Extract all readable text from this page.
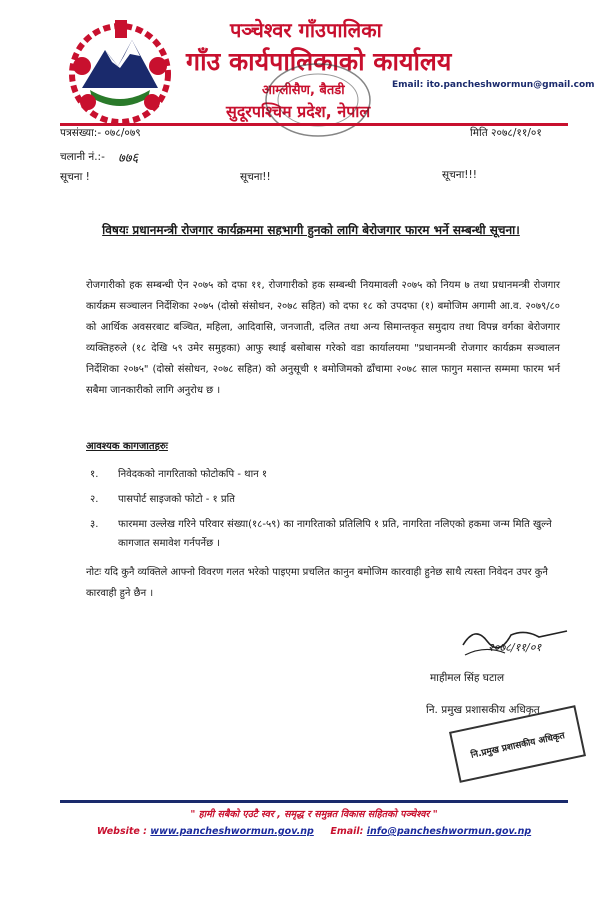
पञ्चेश्वर गाँउपालिका
गाँउ कार्यपालिकाको कार्यालय
आम्लीसैण, बैतडी
सुदूरपश्चिम प्रदेश, नेपाल
Email: ito.pancheshwormun@gmail.com
पत्रसंख्या:- ०७८/०७९	मिति २०७८/११/०१
चलानी नं.:- ७७६
सूचना !	सूचना!!	सूचना!!!
विषयः प्रधानमन्त्री रोजगार कार्यक्रममा सहभागी हुनको लागि बेरोजगार फारम भर्ने सम्बन्धी सूचना।
रोजगारीको हक सम्बन्धी ऐन २०७५ को दफा ११, रोजगारीको हक सम्बन्धी नियमावली २०७५ को नियम ७ तथा प्रधानमन्त्री रोजगार कार्यक्रम सञ्चालन निर्देशिका २०७५ (दोस्रो संसोधन, २०७८ सहित) को दफा १८ को उपदफा (१) बमोजिम अगामी आ.व. २०७९/८० को आर्थिक अवसरबाट बञ्चित, महिला, आदिवासि, जनजाती, दलित तथा अन्य सिमान्तकृत समुदाय तथा विपन्न वर्गका बेरोजगार व्यक्तिहरुले (१८ देखि ५९ उमेर समुहका) आफु स्थाई बसोबास गरेको वडा कार्यालयमा "प्रधानमन्त्री रोजगार कार्यक्रम सञ्चालन निर्देशिका २०७५" (दोस्रो संसोधन, २०७८ सहित) को अनुसूची १ बमोजिमको ढाँचामा २०७८ साल फागुन मसान्त सम्ममा फारम भर्न सबैमा जानकारीको लागि अनुरोध छ ।
आवश्यक कागजातहरुः
१.	निवेदकको नागरिताको फोटोकपि - थान १
२.	पासपोर्ट साइजको फोटो - १ प्रति
३.	फारममा उल्लेख गरिने परिवार संख्या(१८-५९) का नागरिताको प्रतिलिपि १ प्रति, नागरिता नलिएको हकमा जन्म मिति खुल्ने कागजात समावेश गर्नपर्नेछ ।
नोटः यदि कुनै व्यक्तिले आफ्नो विवरण गलत भरेको पाइएमा प्रचलित कानुन बमोजिम कारवाही हुनेछ साथै त्यस्ता निवेदन उपर कुनै कारवाही हुने छैन ।
२०७८/११/०१
माहीमल सिंह घटाल
नि. प्रमुख प्रशासकीय अधिकृत
नि.प्रमुख प्रशासकीय अधिकृत
" हामी सबैको एउटै स्वर , समृद्ध र समुन्नत विकास सहितको पञ्चेश्वर "
Website : www.pancheshwormun.gov.np Email: info@pancheshwormun.gov.np
